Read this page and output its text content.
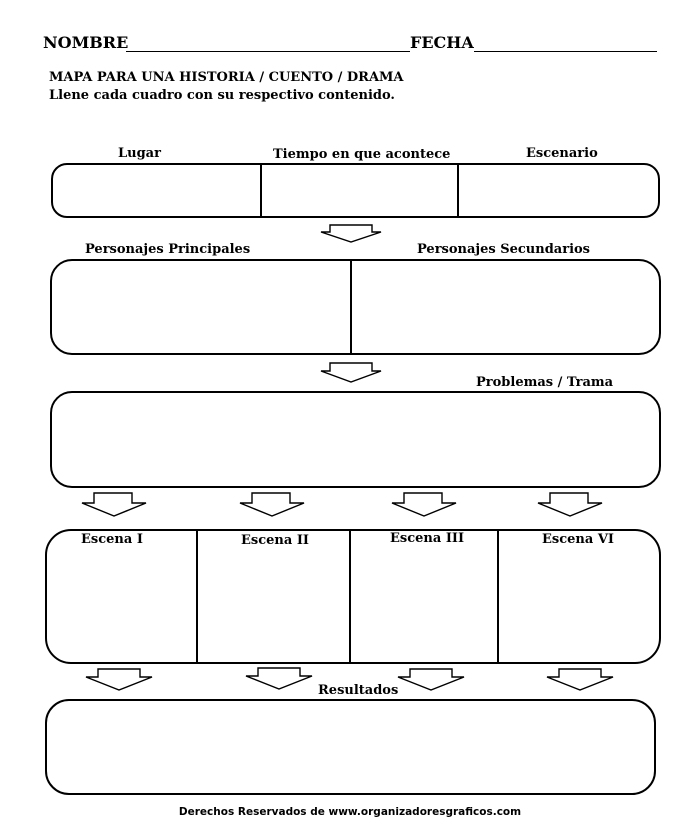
NOMBRE	FECHA
MAPA PARA UNA HISTORIA / CUENTO / DRAMA
Llene cada cuadro con su respectivo contenido.
Lugar	Tiempo en que acontece	Escenario
Personajes Principales	Personajes Secundarios
Problemas / Trama
Escena I	Escena II	Escena III	Escena VI
Resultados
Derechos Reservados de www.organizadoresgraficos.com
